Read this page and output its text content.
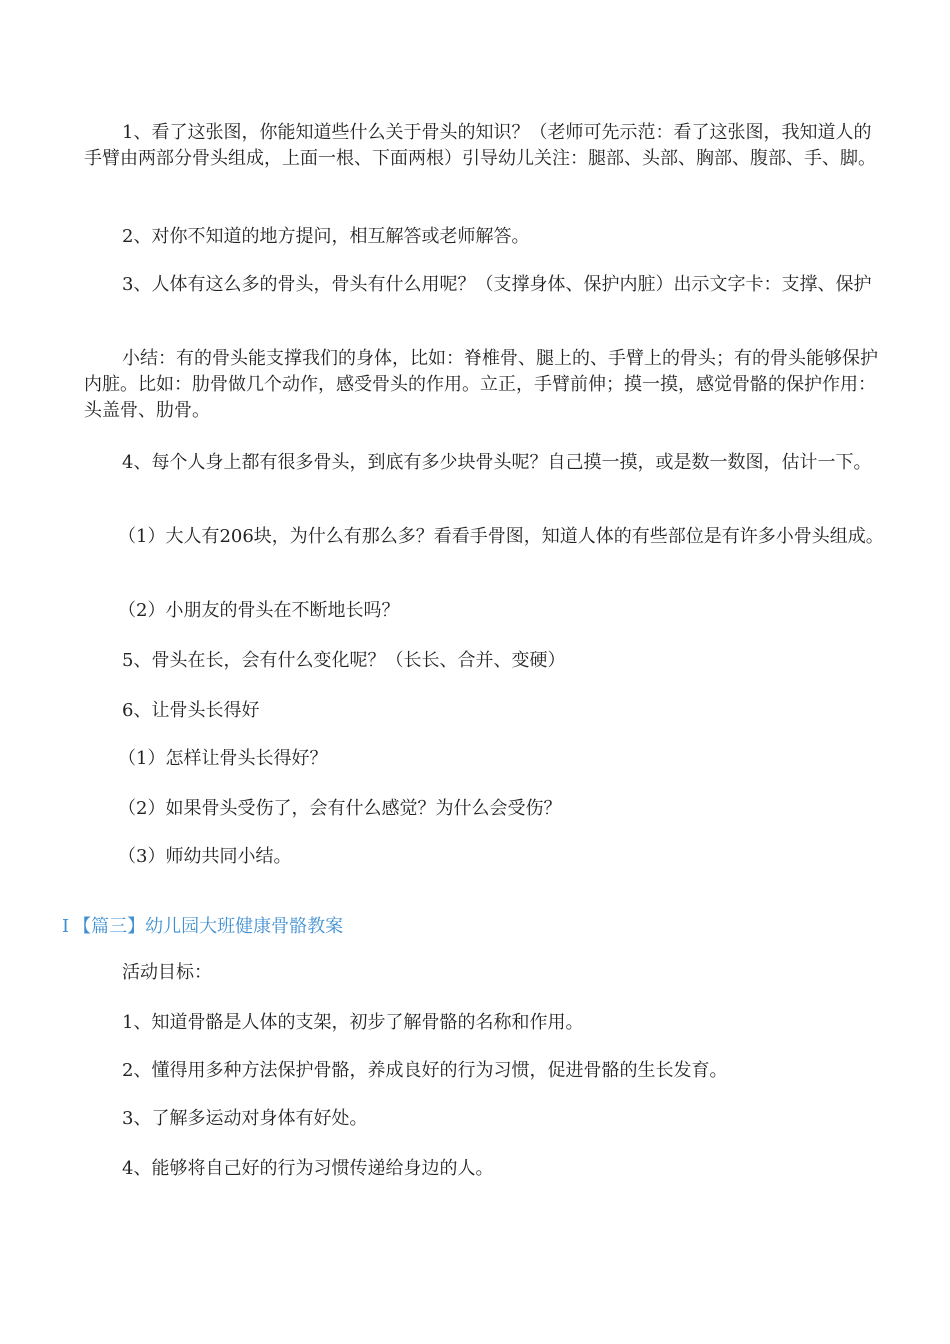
1、看了这张图，你能知道些什么关于骨头的知识？（老师可先示范：看了这张图，我知道人的手臂由两部分骨头组成，上面一根、下面两根）引导幼儿关注：腿部、头部、胸部、腹部、手、脚。

2、对你不知道的地方提问，相互解答或老师解答。

3、人体有这么多的骨头，骨头有什么用呢？（支撑身体、保护内脏）出示文字卡：支撑、保护

小结：有的骨头能支撑我们的身体，比如：脊椎骨、腿上的、手臂上的骨头；有的骨头能够保护内脏。比如：肋骨做几个动作，感受骨头的作用。立正，手臂前伸；摸一摸，感觉骨骼的保护作用：头盖骨、肋骨。

4、每个人身上都有很多骨头，到底有多少块骨头呢？自己摸一摸，或是数一数图，估计一下。

（1）大人有206块，为什么有那么多？看看手骨图，知道人体的有些部位是有许多小骨头组成。

（2）小朋友的骨头在不断地长吗？

5、骨头在长，会有什么变化呢？（长长、合并、变硬）

6、让骨头长得好

（1）怎样让骨头长得好？

（2）如果骨头受伤了，会有什么感觉？为什么会受伤？

（3）师幼共同小结。

I 【篇三】幼儿园大班健康骨骼教案

活动目标：

1、知道骨骼是人体的支架，初步了解骨骼的名称和作用。

2、懂得用多种方法保护骨骼，养成良好的行为习惯，促进骨骼的生长发育。

3、了解多运动对身体有好处。

4、能够将自己好的行为习惯传递给身边的人。
